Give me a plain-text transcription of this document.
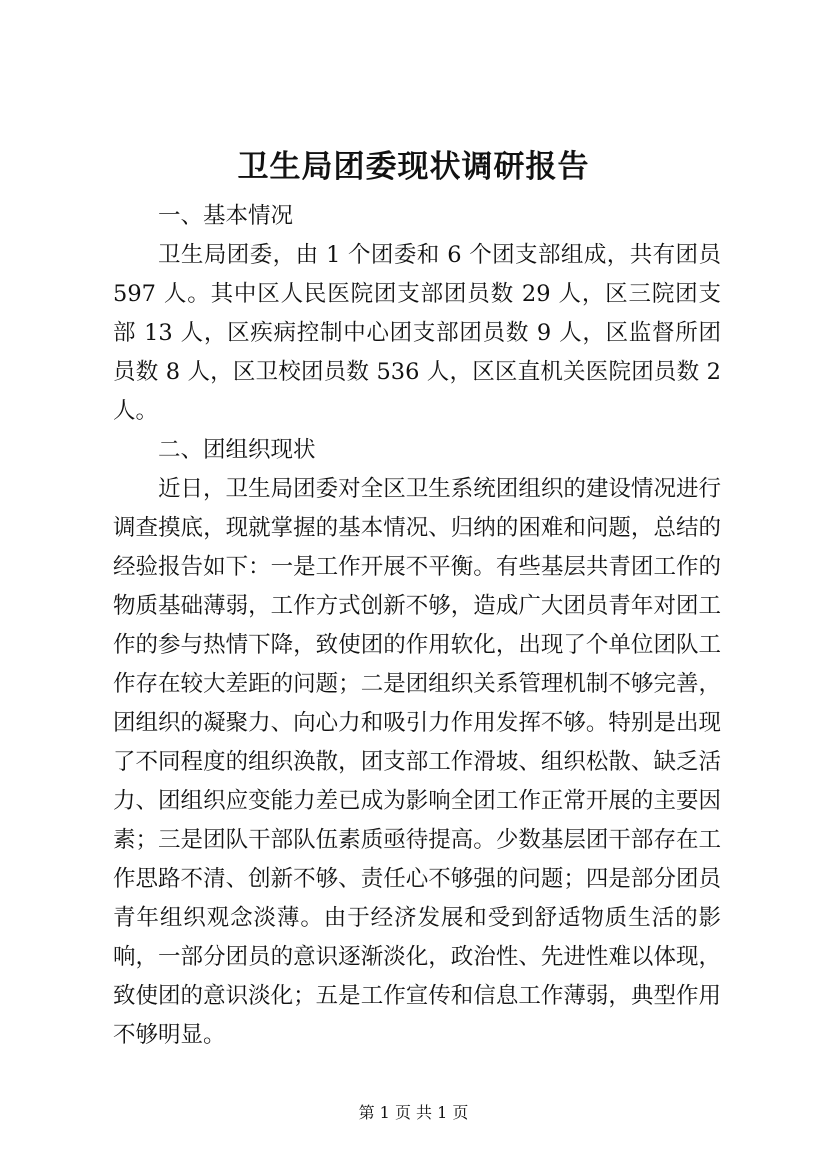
卫生局团委现状调研报告

一、基本情况

卫生局团委，由 1 个团委和 6 个团支部组成，共有团员 597 人。其中区人民医院团支部团员数 29 人，区三院团支部 13 人，区疾病控制中心团支部团员数 9 人，区监督所团员数 8 人，区卫校团员数 536 人，区区直机关医院团员数 2 人。

二、团组织现状

近日，卫生局团委对全区卫生系统团组织的建设情况进行调查摸底，现就掌握的基本情况、归纳的困难和问题，总结的经验报告如下：一是工作开展不平衡。有些基层共青团工作的物质基础薄弱，工作方式创新不够，造成广大团员青年对团工作的参与热情下降，致使团的作用软化，出现了个单位团队工作存在较大差距的问题；二是团组织关系管理机制不够完善，团组织的凝聚力、向心力和吸引力作用发挥不够。特别是出现了不同程度的组织涣散，团支部工作滑坡、组织松散、缺乏活力、团组织应变能力差已成为影响全团工作正常开展的主要因素；三是团队干部队伍素质亟待提高。少数基层团干部存在工作思路不清、创新不够、责任心不够强的问题；四是部分团员青年组织观念淡薄。由于经济发展和受到舒适物质生活的影响，一部分团员的意识逐渐淡化，政治性、先进性难以体现，致使团的意识淡化；五是工作宣传和信息工作薄弱，典型作用不够明显。

第 1 页 共 1 页
